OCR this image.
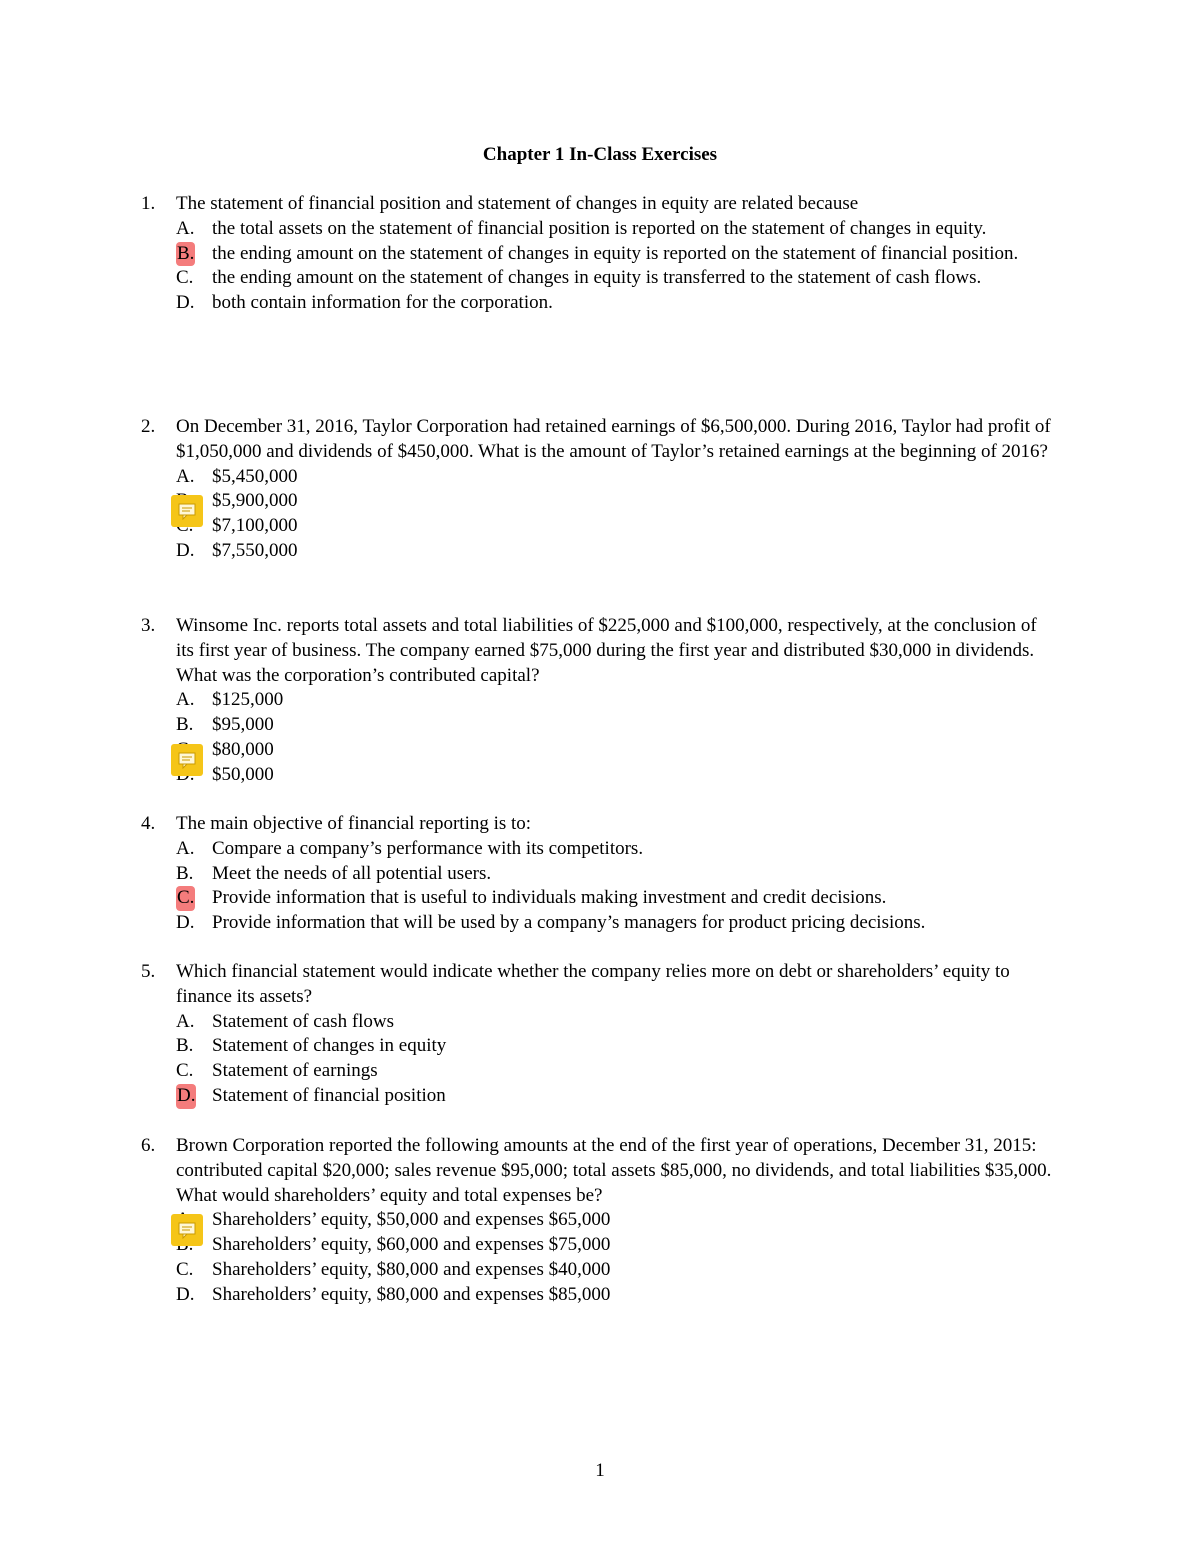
Chapter 1 In-Class Exercises
1. The statement of financial position and statement of changes in equity are related because
A. the total assets on the statement of financial position is reported on the statement of changes in equity.
B. the ending amount on the statement of changes in equity is reported on the statement of financial position.
C. the ending amount on the statement of changes in equity is transferred to the statement of cash flows.
D. both contain information for the corporation.
2. On December 31, 2016, Taylor Corporation had retained earnings of $6,500,000. During 2016, Taylor had profit of $1,050,000 and dividends of $450,000. What is the amount of Taylor’s retained earnings at the beginning of 2016?
A. $5,450,000
$5,900,000
$7,100,000
D. $7,550,000
3. Winsome Inc. reports total assets and total liabilities of $225,000 and $100,000, respectively, at the conclusion of its first year of business. The company earned $75,000 during the first year and distributed $30,000 in dividends. What was the corporation’s contributed capital?
A. $125,000
B. $95,000
$80,000
$50,000
4. The main objective of financial reporting is to:
A. Compare a company’s performance with its competitors.
B. Meet the needs of all potential users.
C. Provide information that is useful to individuals making investment and credit decisions.
D. Provide information that will be used by a company’s managers for product pricing decisions.
5. Which financial statement would indicate whether the company relies more on debt or shareholders’ equity to finance its assets?
A. Statement of cash flows
B. Statement of changes in equity
C. Statement of earnings
D. Statement of financial position
6. Brown Corporation reported the following amounts at the end of the first year of operations, December 31, 2015: contributed capital $20,000; sales revenue $95,000; total assets $85,000, no dividends, and total liabilities $35,000. What would shareholders’ equity and total expenses be?
Shareholders’ equity, $50,000 and expenses $65,000
Shareholders’ equity, $60,000 and expenses $75,000
C. Shareholders’ equity, $80,000 and expenses $40,000
D. Shareholders’ equity, $80,000 and expenses $85,000
1
